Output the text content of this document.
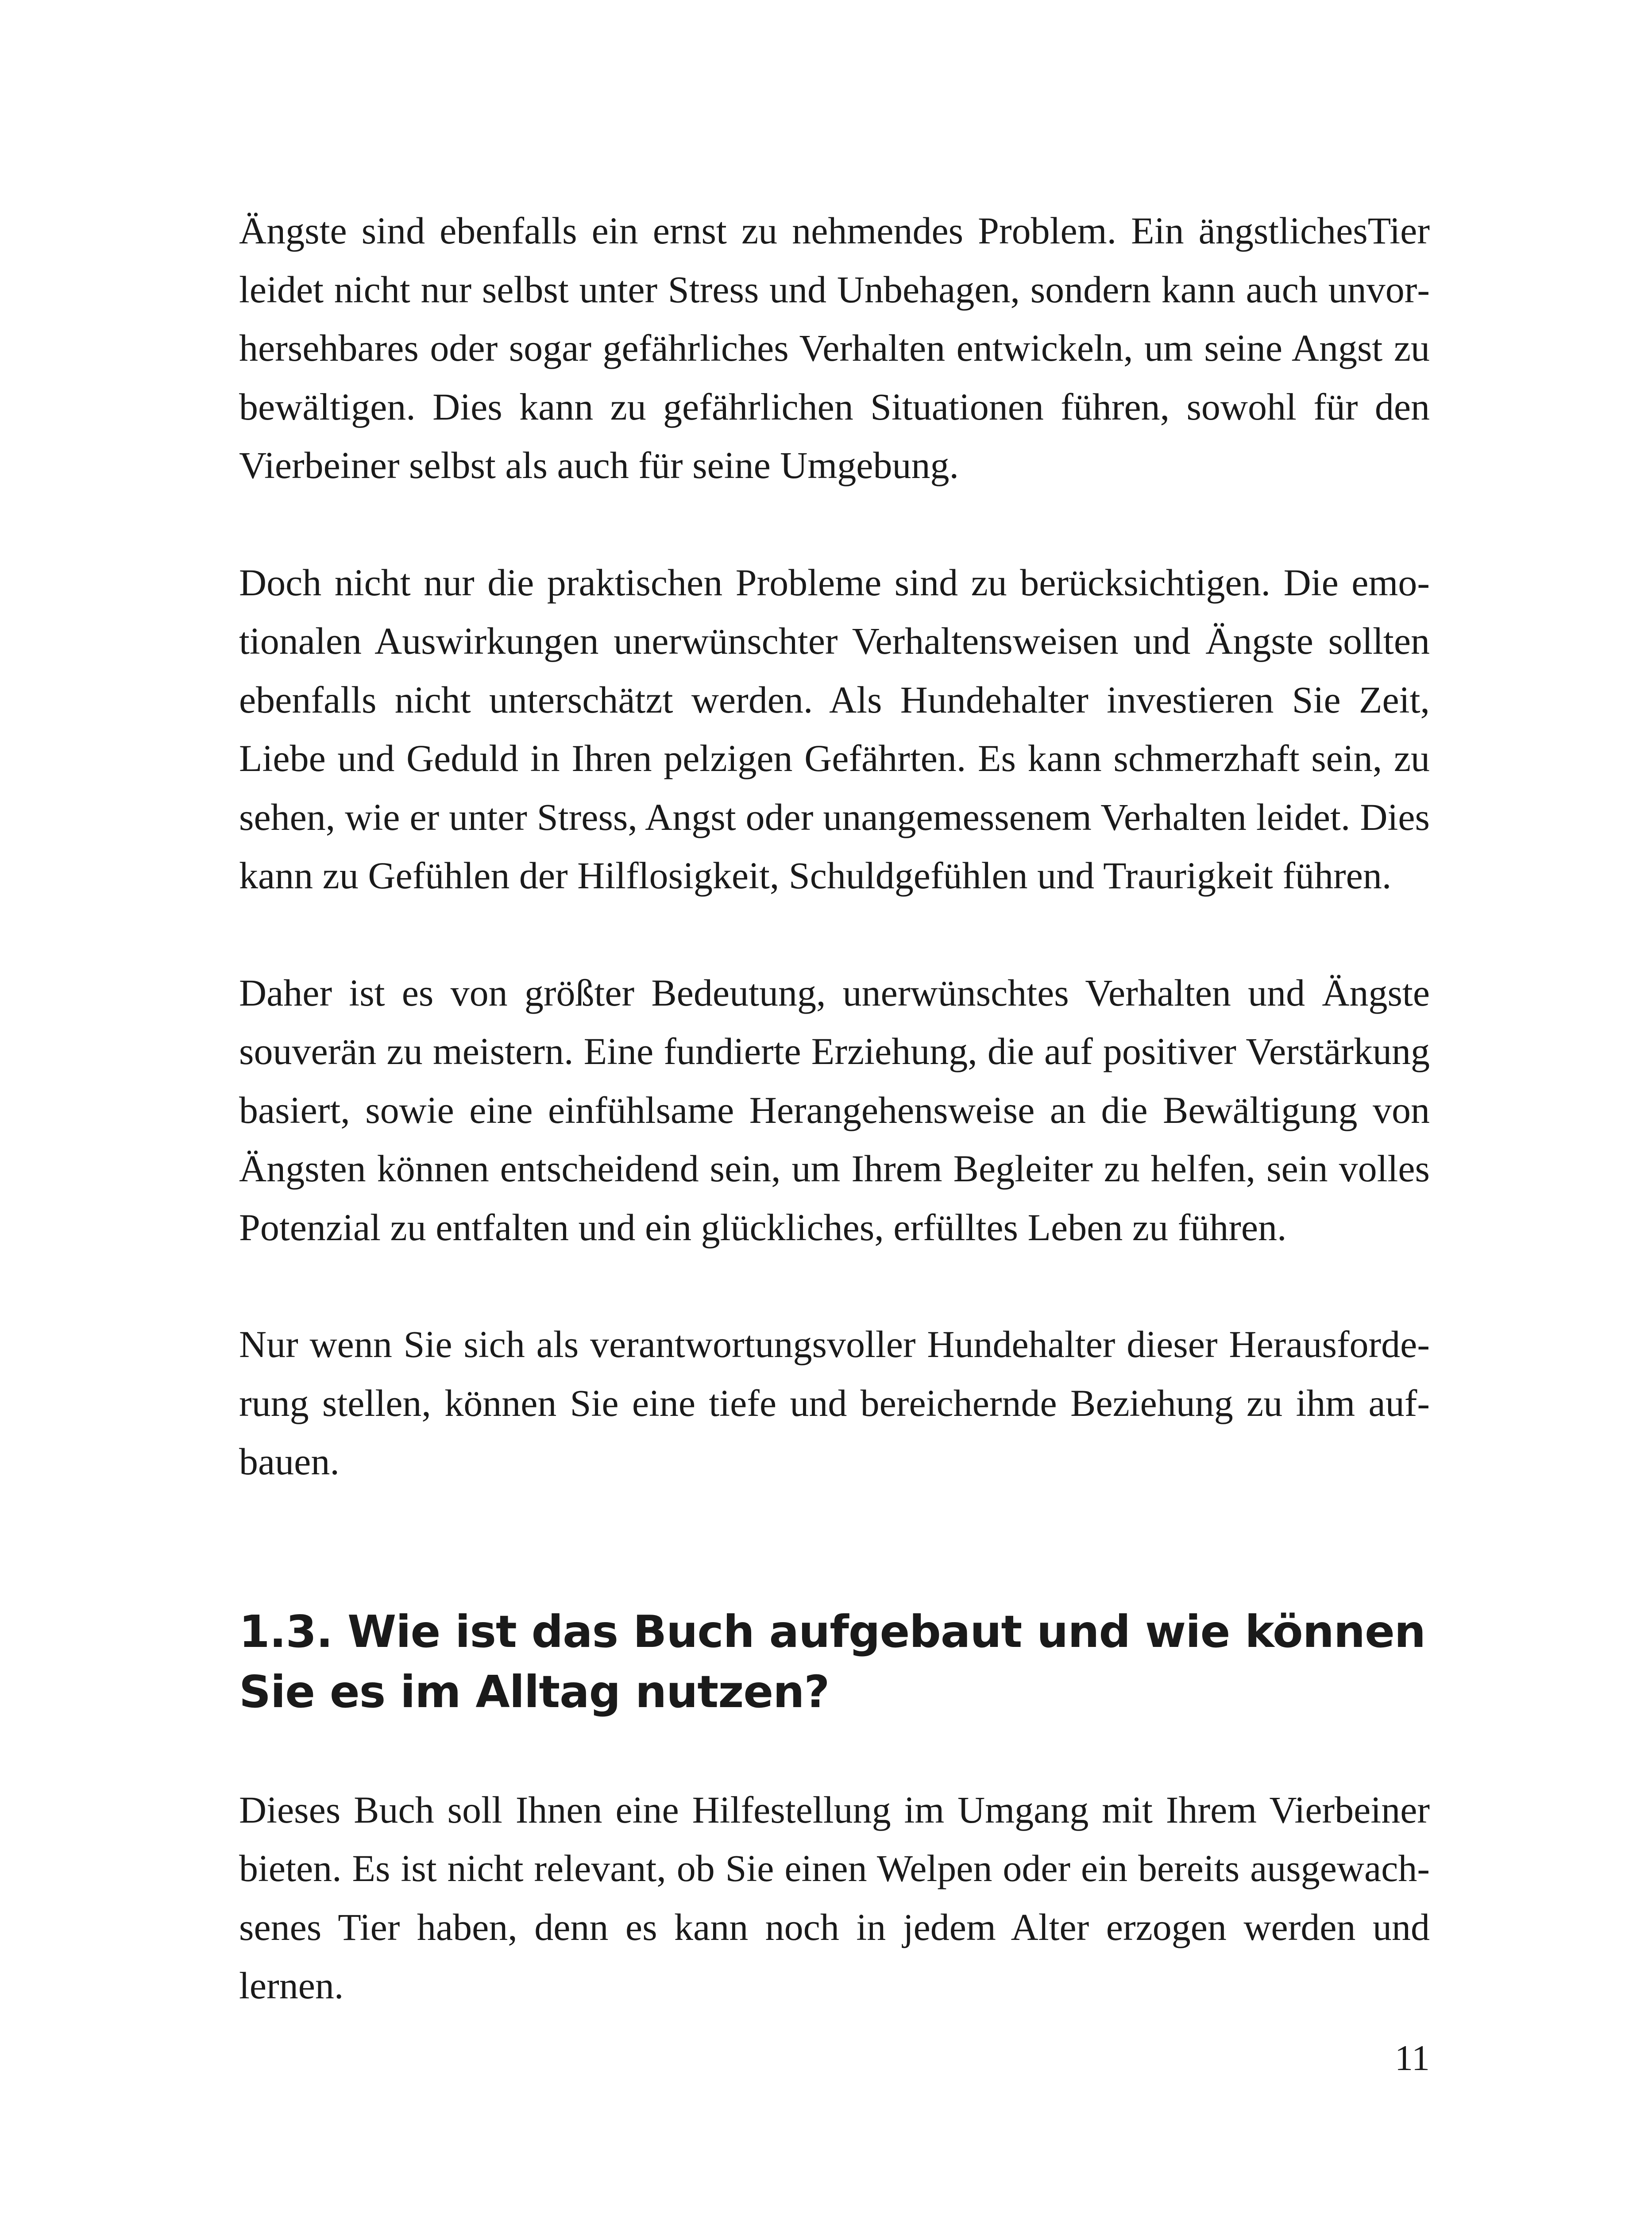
Ängste sind ebenfalls ein ernst zu nehmendes Problem. Ein ängstlichesTier leidet nicht nur selbst unter Stress und Unbehagen, sondern kann auch unvorhersehbares oder sogar gefährliches Verhalten entwickeln, um seine Angst zu bewältigen. Dies kann zu gefährlichen Situationen führen, sowohl für den Vierbeiner selbst als auch für seine Umgebung.

Doch nicht nur die praktischen Probleme sind zu berücksichtigen. Die emotionalen Auswirkungen unerwünschter Verhaltensweisen und Ängste sollten ebenfalls nicht unterschätzt werden. Als Hundehalter investieren Sie Zeit, Liebe und Geduld in Ihren pelzigen Gefährten. Es kann schmerzhaft sein, zu sehen, wie er unter Stress, Angst oder unangemessenem Verhalten leidet. Dies kann zu Gefühlen der Hilflosigkeit, Schuldgefühlen und Traurigkeit führen.

Daher ist es von größter Bedeutung, unerwünschtes Verhalten und Ängste souverän zu meistern. Eine fundierte Erziehung, die auf positiver Verstärkung basiert, sowie eine einfühlsame Herangehensweise an die Bewältigung von Ängsten können entscheidend sein, um Ihrem Begleiter zu helfen, sein volles Potenzial zu entfalten und ein glückliches, erfülltes Leben zu führen.

Nur wenn Sie sich als verantwortungsvoller Hundehalter dieser Herausforderung stellen, können Sie eine tiefe und bereichernde Beziehung zu ihm aufbauen.

1.3. Wie ist das Buch aufgebaut und wie können Sie es im Alltag nutzen?

Dieses Buch soll Ihnen eine Hilfestellung im Umgang mit Ihrem Vierbeiner bieten. Es ist nicht relevant, ob Sie einen Welpen oder ein bereits ausgewachsenes Tier haben, denn es kann noch in jedem Alter erzogen werden und lernen.

11
